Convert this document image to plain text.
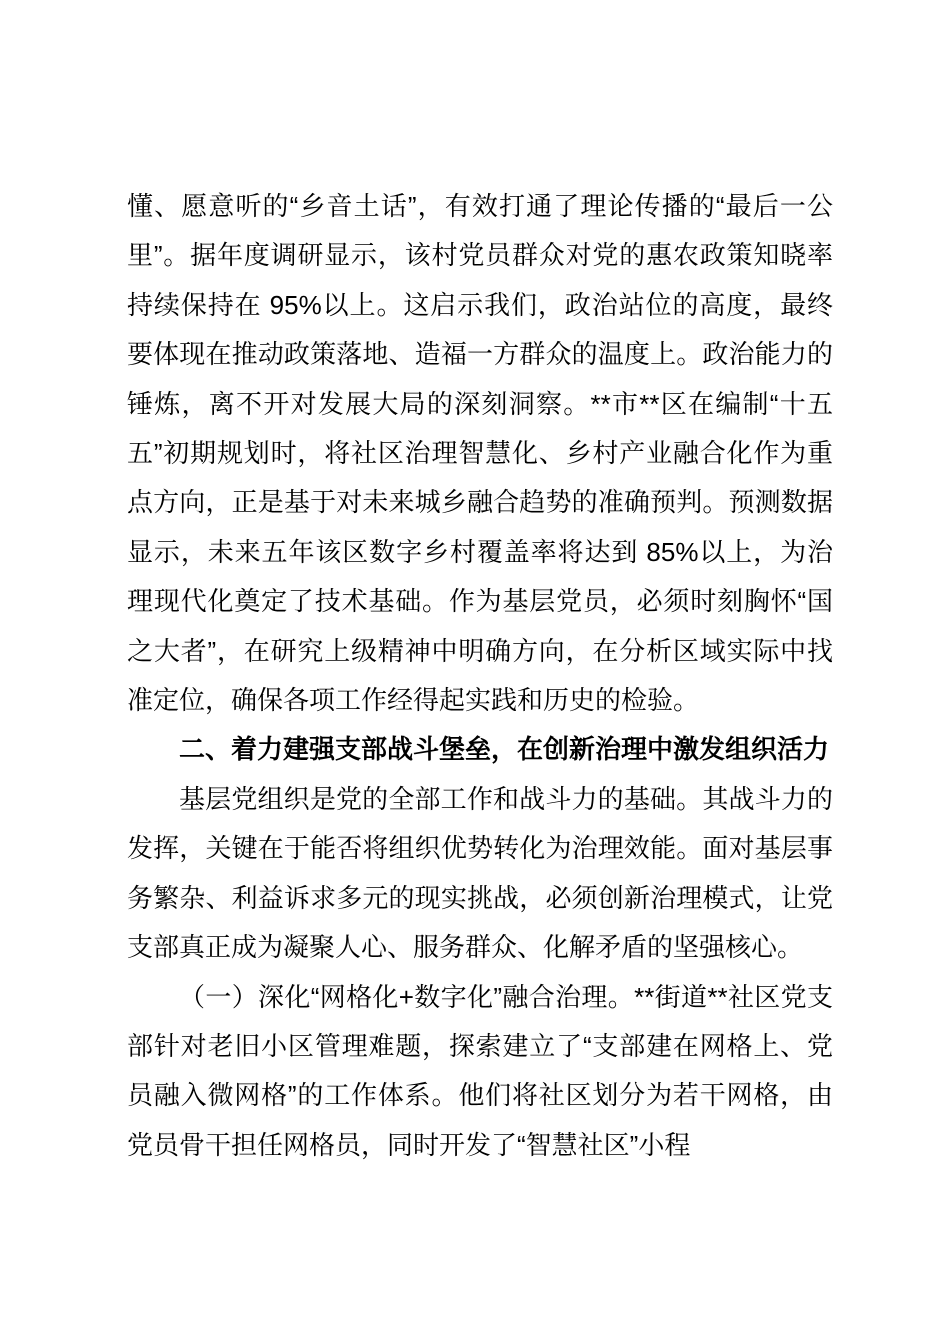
懂、愿意听的“乡音土话”，有效打通了理论传播的“最后一公里”。据年度调研显示，该村党员群众对党的惠农政策知晓率持续保持在 95%以上。这启示我们，政治站位的高度，最终要体现在推动政策落地、造福一方群众的温度上。政治能力的锤炼，离不开对发展大局的深刻洞察。**市**区在编制“十五五”初期规划时，将社区治理智慧化、乡村产业融合化作为重点方向，正是基于对未来城乡融合趋势的准确预判。预测数据显示，未来五年该区数字乡村覆盖率将达到 85%以上，为治理现代化奠定了技术基础。作为基层党员，必须时刻胸怀“国之大者”，在研究上级精神中明确方向，在分析区域实际中找准定位，确保各项工作经得起实践和历史的检验。

二、着力建强支部战斗堡垒，在创新治理中激发组织活力

基层党组织是党的全部工作和战斗力的基础。其战斗力的发挥，关键在于能否将组织优势转化为治理效能。面对基层事务繁杂、利益诉求多元的现实挑战，必须创新治理模式，让党支部真正成为凝聚人心、服务群众、化解矛盾的坚强核心。

（一）深化“网格化+数字化”融合治理。**街道**社区党支部针对老旧小区管理难题，探索建立了“支部建在网格上、党员融入微网格”的工作体系。他们将社区划分为若干网格，由党员骨干担任网格员，同时开发了“智慧社区”小程
